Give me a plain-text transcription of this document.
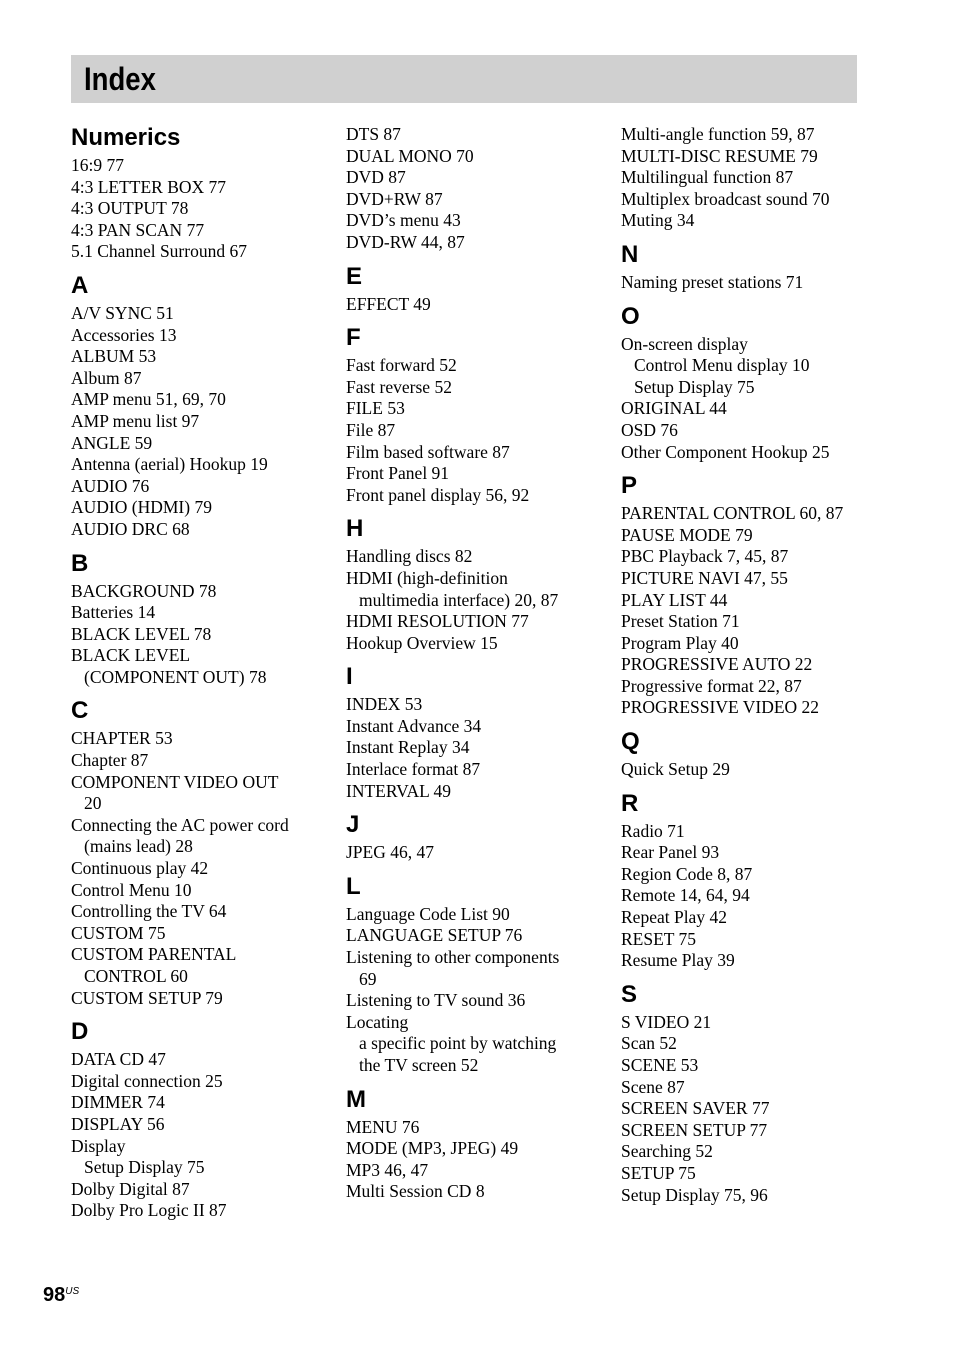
Index
Numerics
16:9 77
4:3 LETTER BOX 77
4:3 OUTPUT 78
4:3 PAN SCAN 77
5.1 Channel Surround 67
A
A/V SYNC 51
Accessories 13
ALBUM 53
Album 87
AMP menu 51, 69, 70
AMP menu list 97
ANGLE 59
Antenna (aerial) Hookup 19
AUDIO 76
AUDIO (HDMI) 79
AUDIO DRC 68
B
BACKGROUND 78
Batteries 14
BLACK LEVEL 78
BLACK LEVEL
(COMPONENT OUT) 78
C
CHAPTER 53
Chapter 87
COMPONENT VIDEO OUT
20
Connecting the AC power cord
(mains lead) 28
Continuous play 42
Control Menu 10
Controlling the TV 64
CUSTOM 75
CUSTOM PARENTAL
CONTROL 60
CUSTOM SETUP 79
D
DATA CD 47
Digital connection 25
DIMMER 74
DISPLAY 56
Display
Setup Display 75
Dolby Digital 87
Dolby Pro Logic II 87
DTS 87
DUAL MONO 70
DVD 87
DVD+RW 87
DVD’s menu 43
DVD-RW 44, 87
E
EFFECT 49
F
Fast forward 52
Fast reverse 52
FILE 53
File 87
Film based software 87
Front Panel 91
Front panel display 56, 92
H
Handling discs 82
HDMI (high-definition
multimedia interface) 20, 87
HDMI RESOLUTION 77
Hookup Overview 15
I
INDEX 53
Instant Advance 34
Instant Replay 34
Interlace format 87
INTERVAL 49
J
JPEG 46, 47
L
Language Code List 90
LANGUAGE SETUP 76
Listening to other components
69
Listening to TV sound 36
Locating
a specific point by watching
the TV screen 52
M
MENU 76
MODE (MP3, JPEG) 49
MP3 46, 47
Multi Session CD 8
Multi-angle function 59, 87
MULTI-DISC RESUME 79
Multilingual function 87
Multiplex broadcast sound 70
Muting 34
N
Naming preset stations 71
O
On-screen display
Control Menu display 10
Setup Display 75
ORIGINAL 44
OSD 76
Other Component Hookup 25
P
PARENTAL CONTROL 60, 87
PAUSE MODE 79
PBC Playback 7, 45, 87
PICTURE NAVI 47, 55
PLAY LIST 44
Preset Station 71
Program Play 40
PROGRESSIVE AUTO 22
Progressive format 22, 87
PROGRESSIVE VIDEO 22
Q
Quick Setup 29
R
Radio 71
Rear Panel 93
Region Code 8, 87
Remote 14, 64, 94
Repeat Play 42
RESET 75
Resume Play 39
S
S VIDEO 21
Scan 52
SCENE 53
Scene 87
SCREEN SAVER 77
SCREEN SETUP 77
Searching 52
SETUP 75
Setup Display 75, 96
$98^{US}$
